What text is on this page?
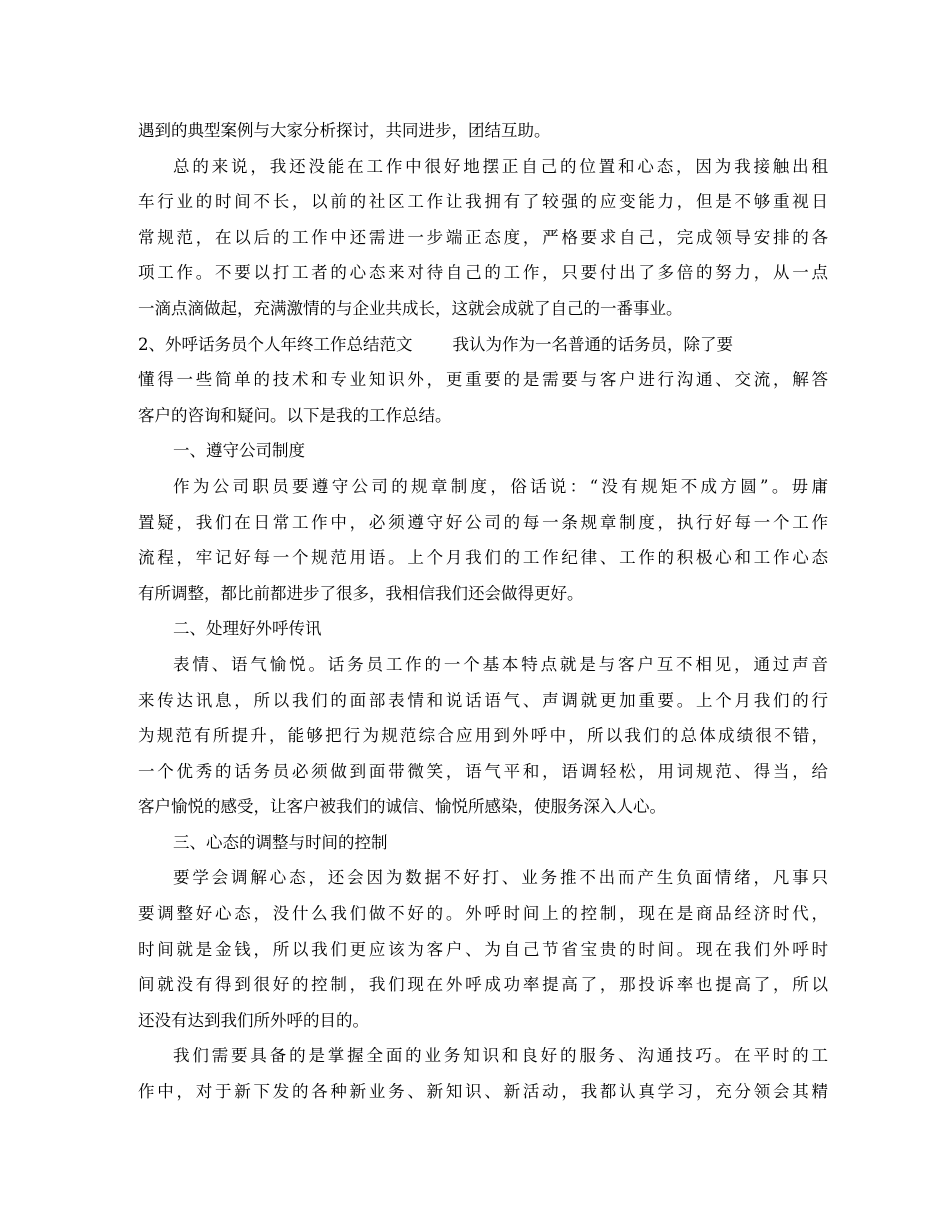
遇到的典型案例与大家分析探讨，共同进步，团结互助。
总的来说，我还没能在工作中很好地摆正自己的位置和心态，因为我接触出租
车行业的时间不长，以前的社区工作让我拥有了较强的应变能力，但是不够重视日
常规范，在以后的工作中还需进一步端正态度，严格要求自己，完成领导安排的各
项工作。不要以打工者的心态来对待自己的工作，只要付出了多倍的努力，从一点
一滴点滴做起，充满激情的与企业共成长，这就会成就了自己的一番事业。
2、外呼话务员个人年终工作总结范文 我认为作为一名普通的话务员，除了要
懂得一些简单的技术和专业知识外，更重要的是需要与客户进行沟通、交流，解答
客户的咨询和疑问。以下是我的工作总结。
一、遵守公司制度
作为公司职员要遵守公司的规章制度，俗话说：“没有规矩不成方圆”。毋庸
置疑，我们在日常工作中，必须遵守好公司的每一条规章制度，执行好每一个工作
流程，牢记好每一个规范用语。上个月我们的工作纪律、工作的积极心和工作心态
有所调整，都比前都进步了很多，我相信我们还会做得更好。
二、处理好外呼传讯
表情、语气愉悦。话务员工作的一个基本特点就是与客户互不相见，通过声音
来传达讯息，所以我们的面部表情和说话语气、声调就更加重要。上个月我们的行
为规范有所提升，能够把行为规范综合应用到外呼中，所以我们的总体成绩很不错，
一个优秀的话务员必须做到面带微笑，语气平和，语调轻松，用词规范、得当，给
客户愉悦的感受，让客户被我们的诚信、愉悦所感染，使服务深入人心。
三、心态的调整与时间的控制
要学会调解心态，还会因为数据不好打、业务推不出而产生负面情绪，凡事只
要调整好心态，没什么我们做不好的。外呼时间上的控制，现在是商品经济时代，
时间就是金钱，所以我们更应该为客户、为自己节省宝贵的时间。现在我们外呼时
间就没有得到很好的控制，我们现在外呼成功率提高了，那投诉率也提高了，所以
还没有达到我们所外呼的目的。
我们需要具备的是掌握全面的业务知识和良好的服务、沟通技巧。在平时的工
作中，对于新下发的各种新业务、新知识、新活动，我都认真学习，充分领会其精
